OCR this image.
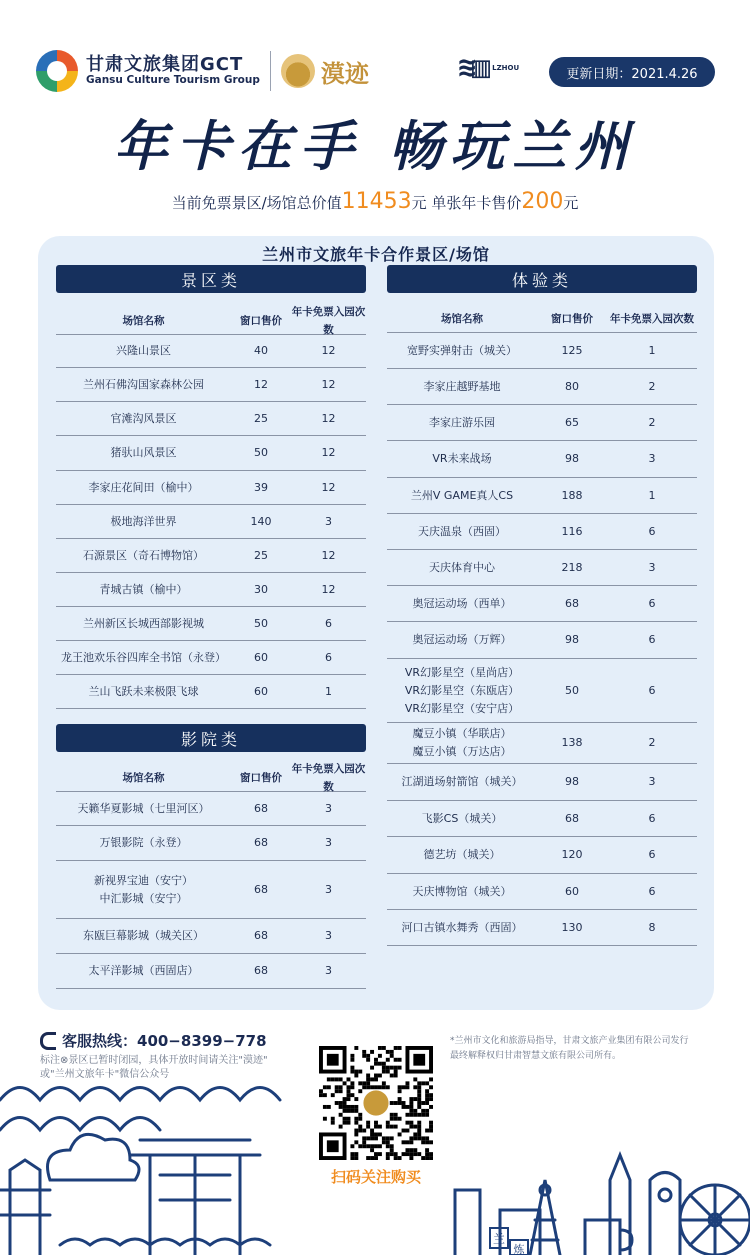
甘肃文旅集团GCT
Gansu Culture Tourism Group	漠迹	≋▥ LZHOU	更新日期：2021.4.26
年卡在手 畅玩兰州
当前免票景区/场馆总价值11453元 单张年卡售价200元
兰州市文旅年卡合作景区/场馆
景区类
场馆名称	窗口售价
年卡免票入园次数
兴隆山景区	40	12
兰州石佛沟国家森林公园	12	12
官滩沟风景区	25	12
猪驮山风景区	50	12
李家庄花间田（榆中）	39	12
极地海洋世界	140	3
石源景区（奇石博物馆）	25	12
青城古镇（榆中）	30	12
兰州新区长城西部影视城	50	6
龙王池欢乐谷四库全书馆（永登）	60	6
兰山飞跃未来极限飞球	60	1
影院类
场馆名称	窗口售价
年卡免票入园次数
天籁华夏影城（七里河区）	68	3
万银影院（永登）	68	3
新视界宝迪（安宁）
中汇影城（安宁）
68	3
东瓯巨幕影城（城关区）	68	3
太平洋影城（西固店）	68	3
体验类
场馆名称	窗口售价	年卡免票入园次数
宽野实弹射击（城关）	125	1
李家庄越野基地	80	2
李家庄游乐园	65	2
VR未来战场	98	3
兰州V GAME真人CS	188	1
天庆温泉（西固）	116	6
天庆体育中心	218	3
奥冠运动场（西单）	68	6
奥冠运动场（万辉）	98	6
VR幻影星空（星尚店）
VR幻影星空（东瓯店）
VR幻影星空（安宁店）
50	6
魔豆小镇（华联店）
魔豆小镇（万达店）
138	2
江湖逍场射箭馆（城关）	98	3
飞影CS（城关）	68	6
德艺坊（城关）	120	6
天庆博物馆（城关）	60	6
河口古镇水舞秀（西固）	130	8
客服热线：400−8399−778
标注⊗景区已暂时闭园，具体开放时间请关注"漠迹"
或"兰州文旅年卡"微信公众号
*兰州市文化和旅游局指导，甘肃文旅产业集团有限公司发行
最终解释权归甘肃智慧文旅有限公司所有。
兰
炼
扫码关注购买
